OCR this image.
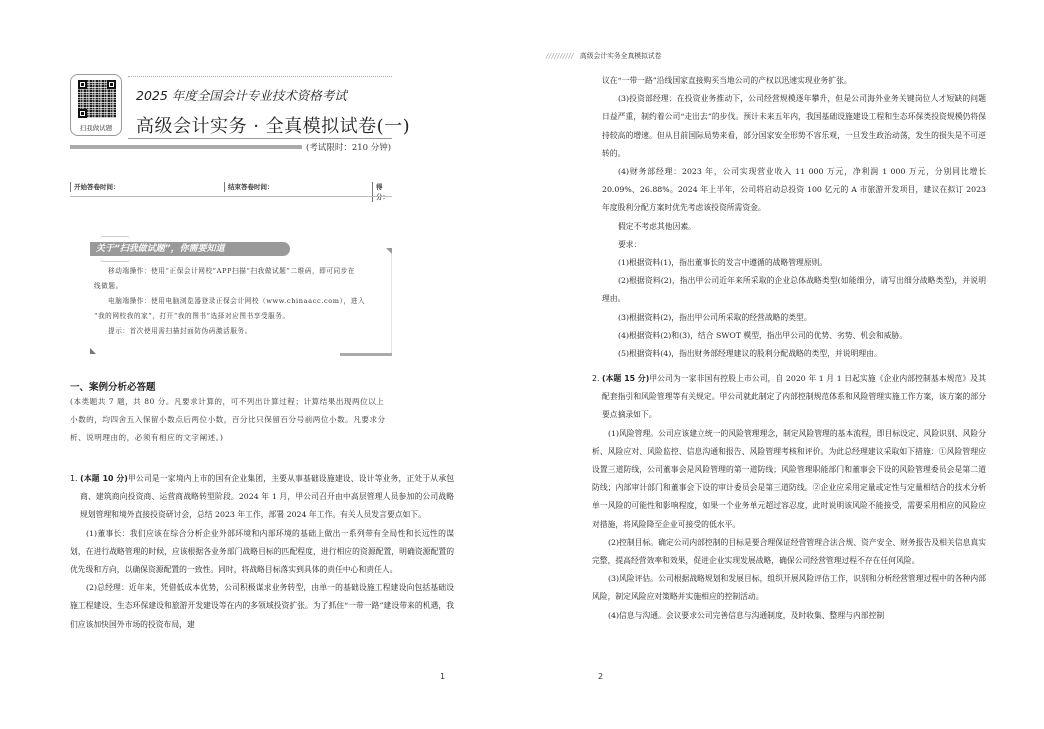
扫我做试题
2025 年度全国会计专业技术资格考试
高级会计实务 · 全真模拟试卷(一)
(考试限时：210 分钟)
开始答卷时间：	结束答卷时间：	得分：
关于“扫我做试题”，你需要知道

移动端操作：使用“正保会计网校”APP扫描“扫我做试题”二维码，即可同步在

线做题。

电脑端操作：使用电脑浏览器登录正保会计网校（www.chinaacc.com），进入

“我的网校我的家”，打开“我的图书”选择对应图书享受服务。

提示：首次使用需扫描封面防伪码激活服务。

一、案例分析必答题
(本类题共 7 题，共 80 分。凡要求计算的，可不列出计算过程；计算结果出现两位以上小数的，均四舍五入保留小数点后两位小数，百分比只保留百分号前两位小数。凡要求分析、说明理由的，必须有相应的文字阐述。)

1. (本题 10 分)甲公司是一家境内上市的国有企业集团，主要从事基础设施建设、设计等业务，正处于从承包商、建筑商向投资商、运营商战略转型阶段。2024 年 1 月，甲公司召开由中高层管理人员参加的公司战略规划管理和境外直接投资研讨会，总结 2023 年工作，部署 2024 年工作。有关人员发言要点如下。

(1)董事长：我们应该在综合分析企业外部环境和内部环境的基础上做出一系列带有全局性和长远性的谋划，在进行战略管理的时候，应该根据各业务部门战略目标的匹配程度，进行相应的资源配置，明确资源配置的优先级和方向，以确保资源配置的一致性。同时，将战略目标落实到具体的责任中心和责任人。

(2)总经理：近年来，凭借低成本优势，公司积极谋求业务转型，由单一的基础设施工程建设向包括基础设施工程建设、生态环保建设和旅游开发建设等在内的多领域投资扩张。为了抓住“一带一路”建设带来的机遇，我们应该加快国外市场的投资布局，建

1
////////// 高级会计实务全真模拟试卷

议在“一带一路”沿线国家直接购买当地公司的产权以迅速实现业务扩张。

(3)投资部经理：在投资业务推动下，公司经营规模逐年攀升，但是公司海外业务关键岗位人才短缺的问题日益严重，制约着公司“走出去”的步伐。预计未来五年内，我国基础设施建设工程和生态环保类投资规模仍将保持较高的增速。但从目前国际局势来看，部分国家安全形势不容乐观，一旦发生政治动荡，发生的损失是不可逆转的。

(4)财务部经理：2023 年，公司实现营业收入 11 000 万元，净利润 1 000 万元，分别同比增长 20.09%、26.88%。2024 年上半年，公司将启动总投资 100 亿元的 A 市旅游开发项目，建议在拟订 2023 年度股利分配方案时优先考虑该投资所需资金。

假定不考虑其他因素。

要求：

(1)根据资料(1)，指出董事长的发言中遵循的战略管理原则。

(2)根据资料(2)，指出甲公司近年来所采取的企业总体战略类型(如能细分，请写出细分战略类型)，并说明理由。

(3)根据资料(2)，指出甲公司所采取的经营战略的类型。

(4)根据资料(2)和(3)，结合 SWOT 模型，指出甲公司的优势、劣势、机会和威胁。

(5)根据资料(4)，指出财务部经理建议的股利分配战略的类型，并说明理由。

2. (本题 15 分)甲公司为一家非国有控股上市公司，自 2020 年 1 月 1 日起实施《企业内部控制基本规范》及其配套指引和风险管理等有关规定。甲公司就此制定了内部控制规范体系和风险管理实施工作方案，该方案的部分要点摘录如下。

(1)风险管理。公司应该建立统一的风险管理理念，制定风险管理的基本流程，即目标设定、风险识别、风险分析、风险应对、风险监控、信息沟通和报告、风险管理考核和评价。为此总经理建议采取如下措施：①风险管理应设置三道防线，公司董事会是风险管理的第一道防线；风险管理职能部门和董事会下设的风险管理委员会是第二道防线；内部审计部门和董事会下设的审计委员会是第三道防线。②企业应采用定量或定性与定量相结合的技术分析单一风险的可能性和影响程度，如果一个业务单元超过容忍度，此时说明该风险不能接受，需要采用相应的风险应对措施，将风险降至企业可接受的低水平。

(2)控制目标。确定公司内部控制的目标是要合理保证经营管理合法合规、资产安全、财务报告及相关信息真实完整，提高经营效率和效果，促进企业实现发展战略，确保公司经营管理过程不存在任何风险。

(3)风险评估。公司根据战略规划和发展目标，组织开展风险评估工作，识别和分析经营管理过程中的各种内部风险，制定风险应对策略并实施相应的控制活动。

(4)信息与沟通。会议要求公司完善信息与沟通制度，及时收集、整理与内部控制

2
